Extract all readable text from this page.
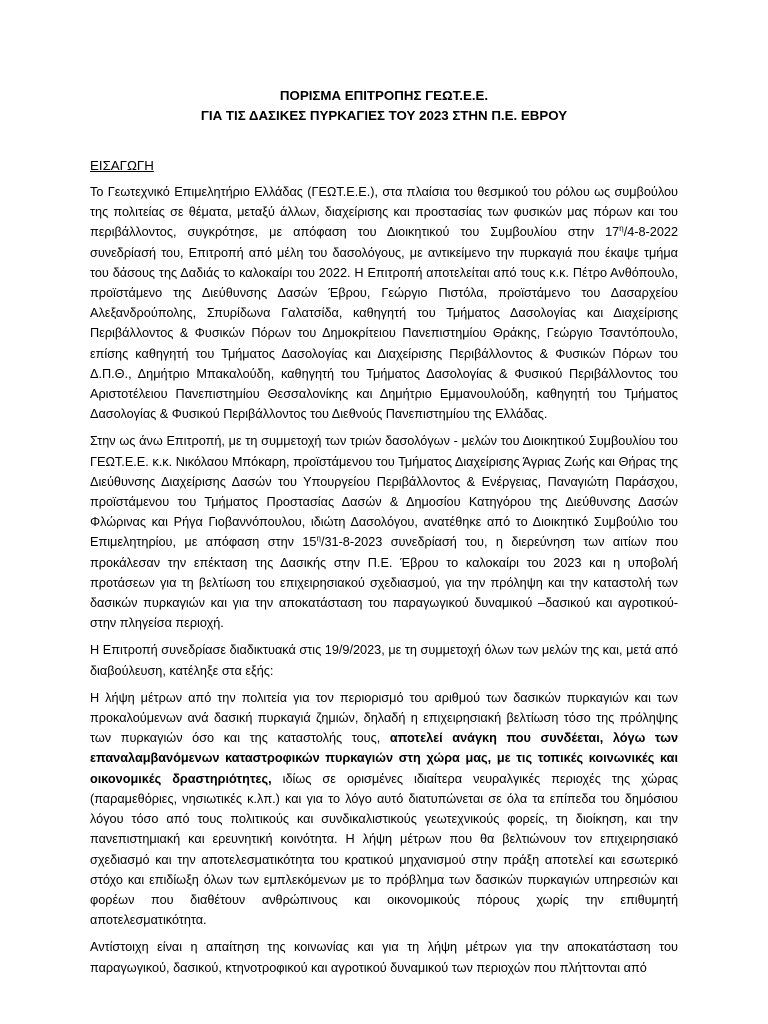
ΠΟΡΙΣΜΑ ΕΠΙΤΡΟΠΗΣ ΓΕΩΤ.Ε.Ε.

ΓΙΑ ΤΙΣ ΔΑΣΙΚΕΣ ΠΥΡΚΑΓΙΕΣ ΤΟΥ 2023 ΣΤΗΝ Π.Ε. ΕΒΡΟΥ

ΕΙΣΑΓΩΓΗ

Το Γεωτεχνικό Επιμελητήριο Ελλάδας (ΓΕΩΤ.Ε.Ε.), στα πλαίσια του θεσμικού του ρόλου ως συμβούλου της πολιτείας σε θέματα, μεταξύ άλλων, διαχείρισης και προστασίας των φυσικών μας πόρων και του περιβάλλοντος, συγκρότησε, με απόφαση του Διοικητικού του Συμβουλίου στην $17^\eta/4-8-2022$ συνεδρίασή του, Επιτροπή από μέλη του δασολόγους, με αντικείμενο την πυρκαγιά που έκαψε τμήμα του δάσους της Δαδιάς το καλοκαίρι του 2022. Η Επιτροπή αποτελείται από τους κ.κ. Πέτρο Ανθόπουλο, προϊστάμενο της Διεύθυνσης Δασών Έβρου, Γεώργιο Πιστόλα, προϊστάμενο του Δασαρχείου Αλεξανδρούπολης, Σπυρίδωνα Γαλατσίδα, καθηγητή του Τμήματος Δασολογίας και Διαχείρισης Περιβάλλοντος & Φυσικών Πόρων του Δημοκρίτειου Πανεπιστημίου Θράκης, Γεώργιο Τσαντόπουλο, επίσης καθηγητή του Τμήματος Δασολογίας και Διαχείρισης Περιβάλλοντος & Φυσικών Πόρων του Δ.Π.Θ., Δημήτριο Μπακαλούδη, καθηγητή του Τμήματος Δασολογίας & Φυσικού Περιβάλλοντος του Αριστοτέλειου Πανεπιστημίου Θεσσαλονίκης και Δημήτριο Εμμανουλούδη, καθηγητή του Τμήματος Δασολογίας & Φυσικού Περιβάλλοντος του Διεθνούς Πανεπιστημίου της Ελλάδας.

Στην ως άνω Επιτροπή, με τη συμμετοχή των τριών δασολόγων - μελών του Διοικητικού Συμβουλίου του ΓΕΩΤ.Ε.Ε. κ.κ. Νικόλαου Μπόκαρη, προϊστάμενου του Τμήματος Διαχείρισης Άγριας Ζωής και Θήρας της Διεύθυνσης Διαχείρισης Δασών του Υπουργείου Περιβάλλοντος & Ενέργειας, Παναγιώτη Παράσχου, προϊστάμενου του Τμήματος Προστασίας Δασών & Δημοσίου Κατηγόρου της Διεύθυνσης Δασών Φλώρινας και Ρήγα Γιοβαννόπουλου, ιδιώτη Δασολόγου, ανατέθηκε από το Διοικητικό Συμβούλιο του Επιμελητηρίου, με απόφαση στην $15^\eta/31-8-2023$ συνεδρίασή του, η διερεύνηση των αιτίων που προκάλεσαν την επέκταση της Δασικής στην Π.Ε. Έβρου το καλοκαίρι του 2023 και η υποβολή προτάσεων για τη βελτίωση του επιχειρησιακού σχεδιασμού, για την πρόληψη και την καταστολή των δασικών πυρκαγιών και για την αποκατάσταση του παραγωγικού δυναμικού –δασικού και αγροτικού- στην πληγείσα περιοχή.

Η Επιτροπή συνεδρίασε διαδικτυακά στις 19/9/2023, με τη συμμετοχή όλων των μελών της και, μετά από διαβούλευση, κατέληξε στα εξής:

Η λήψη μέτρων από την πολιτεία για τον περιορισμό του αριθμού των δασικών πυρκαγιών και των προκαλούμενων ανά δασική πυρκαγιά ζημιών, δηλαδή η επιχειρησιακή βελτίωση τόσο της πρόληψης των πυρκαγιών όσο και της καταστολής τους, αποτελεί ανάγκη που συνδέεται, λόγω των επαναλαμβανόμενων καταστροφικών πυρκαγιών στη χώρα μας, με τις τοπικές κοινωνικές και οικονομικές δραστηριότητες, ιδίως σε ορισμένες ιδιαίτερα νευραλγικές περιοχές της χώρας (παραμεθόριες, νησιωτικές κ.λπ.) και για το λόγο αυτό διατυπώνεται σε όλα τα επίπεδα του δημόσιου λόγου τόσο από τους πολιτικούς και συνδικαλιστικούς γεωτεχνικούς φορείς, τη διοίκηση, και την πανεπιστημιακή και ερευνητική κοινότητα. Η λήψη μέτρων που θα βελτιώνουν τον επιχειρησιακό σχεδιασμό και την αποτελεσματικότητα του κρατικού μηχανισμού στην πράξη αποτελεί και εσωτερικό στόχο και επιδίωξη όλων των εμπλεκόμενων με το πρόβλημα των δασικών πυρκαγιών υπηρεσιών και φορέων που διαθέτουν ανθρώπινους και οικονομικούς πόρους χωρίς την επιθυμητή αποτελεσματικότητα.

Αντίστοιχη είναι η απαίτηση της κοινωνίας και για τη λήψη μέτρων για την αποκατάσταση του παραγωγικού, δασικού, κτηνοτροφικού και αγροτικού δυναμικού των περιοχών που πλήττονται από
